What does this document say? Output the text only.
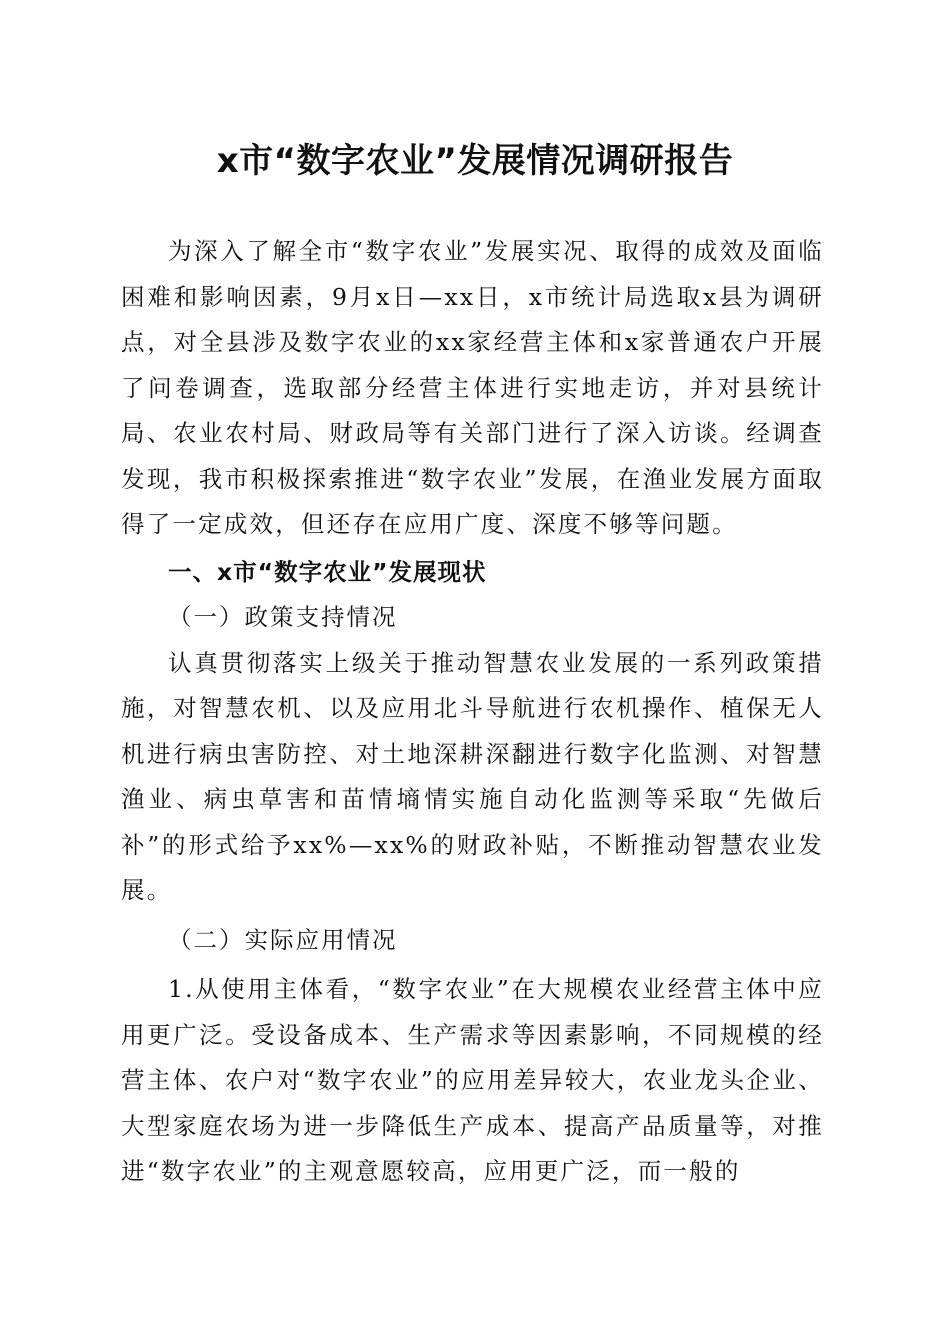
x市“数字农业”发展情况调研报告

为深入了解全市“数字农业”发展实况、取得的成效及面临困难和影响因素，9月x日—xx日，x市统计局选取x县为调研点，对全县涉及数字农业的xx家经营主体和x家普通农户开展了问卷调查，选取部分经营主体进行实地走访，并对县统计局、农业农村局、财政局等有关部门进行了深入访谈。经调查发现，我市积极探索推进“数字农业”发展，在渔业发展方面取得了一定成效，但还存在应用广度、深度不够等问题。

一、x市“数字农业”发展现状

（一）政策支持情况

认真贯彻落实上级关于推动智慧农业发展的一系列政策措施，对智慧农机、以及应用北斗导航进行农机操作、植保无人机进行病虫害防控、对土地深耕深翻进行数字化监测、对智慧渔业、病虫草害和苗情墒情实施自动化监测等采取“先做后补”的形式给予xx%—xx%的财政补贴，不断推动智慧农业发展。

（二）实际应用情况

1.从使用主体看，“数字农业”在大规模农业经营主体中应用更广泛。受设备成本、生产需求等因素影响，不同规模的经营主体、农户对“数字农业”的应用差异较大，农业龙头企业、大型家庭农场为进一步降低生产成本、提高产品质量等，对推进“数字农业”的主观意愿较高，应用更广泛，而一般的
